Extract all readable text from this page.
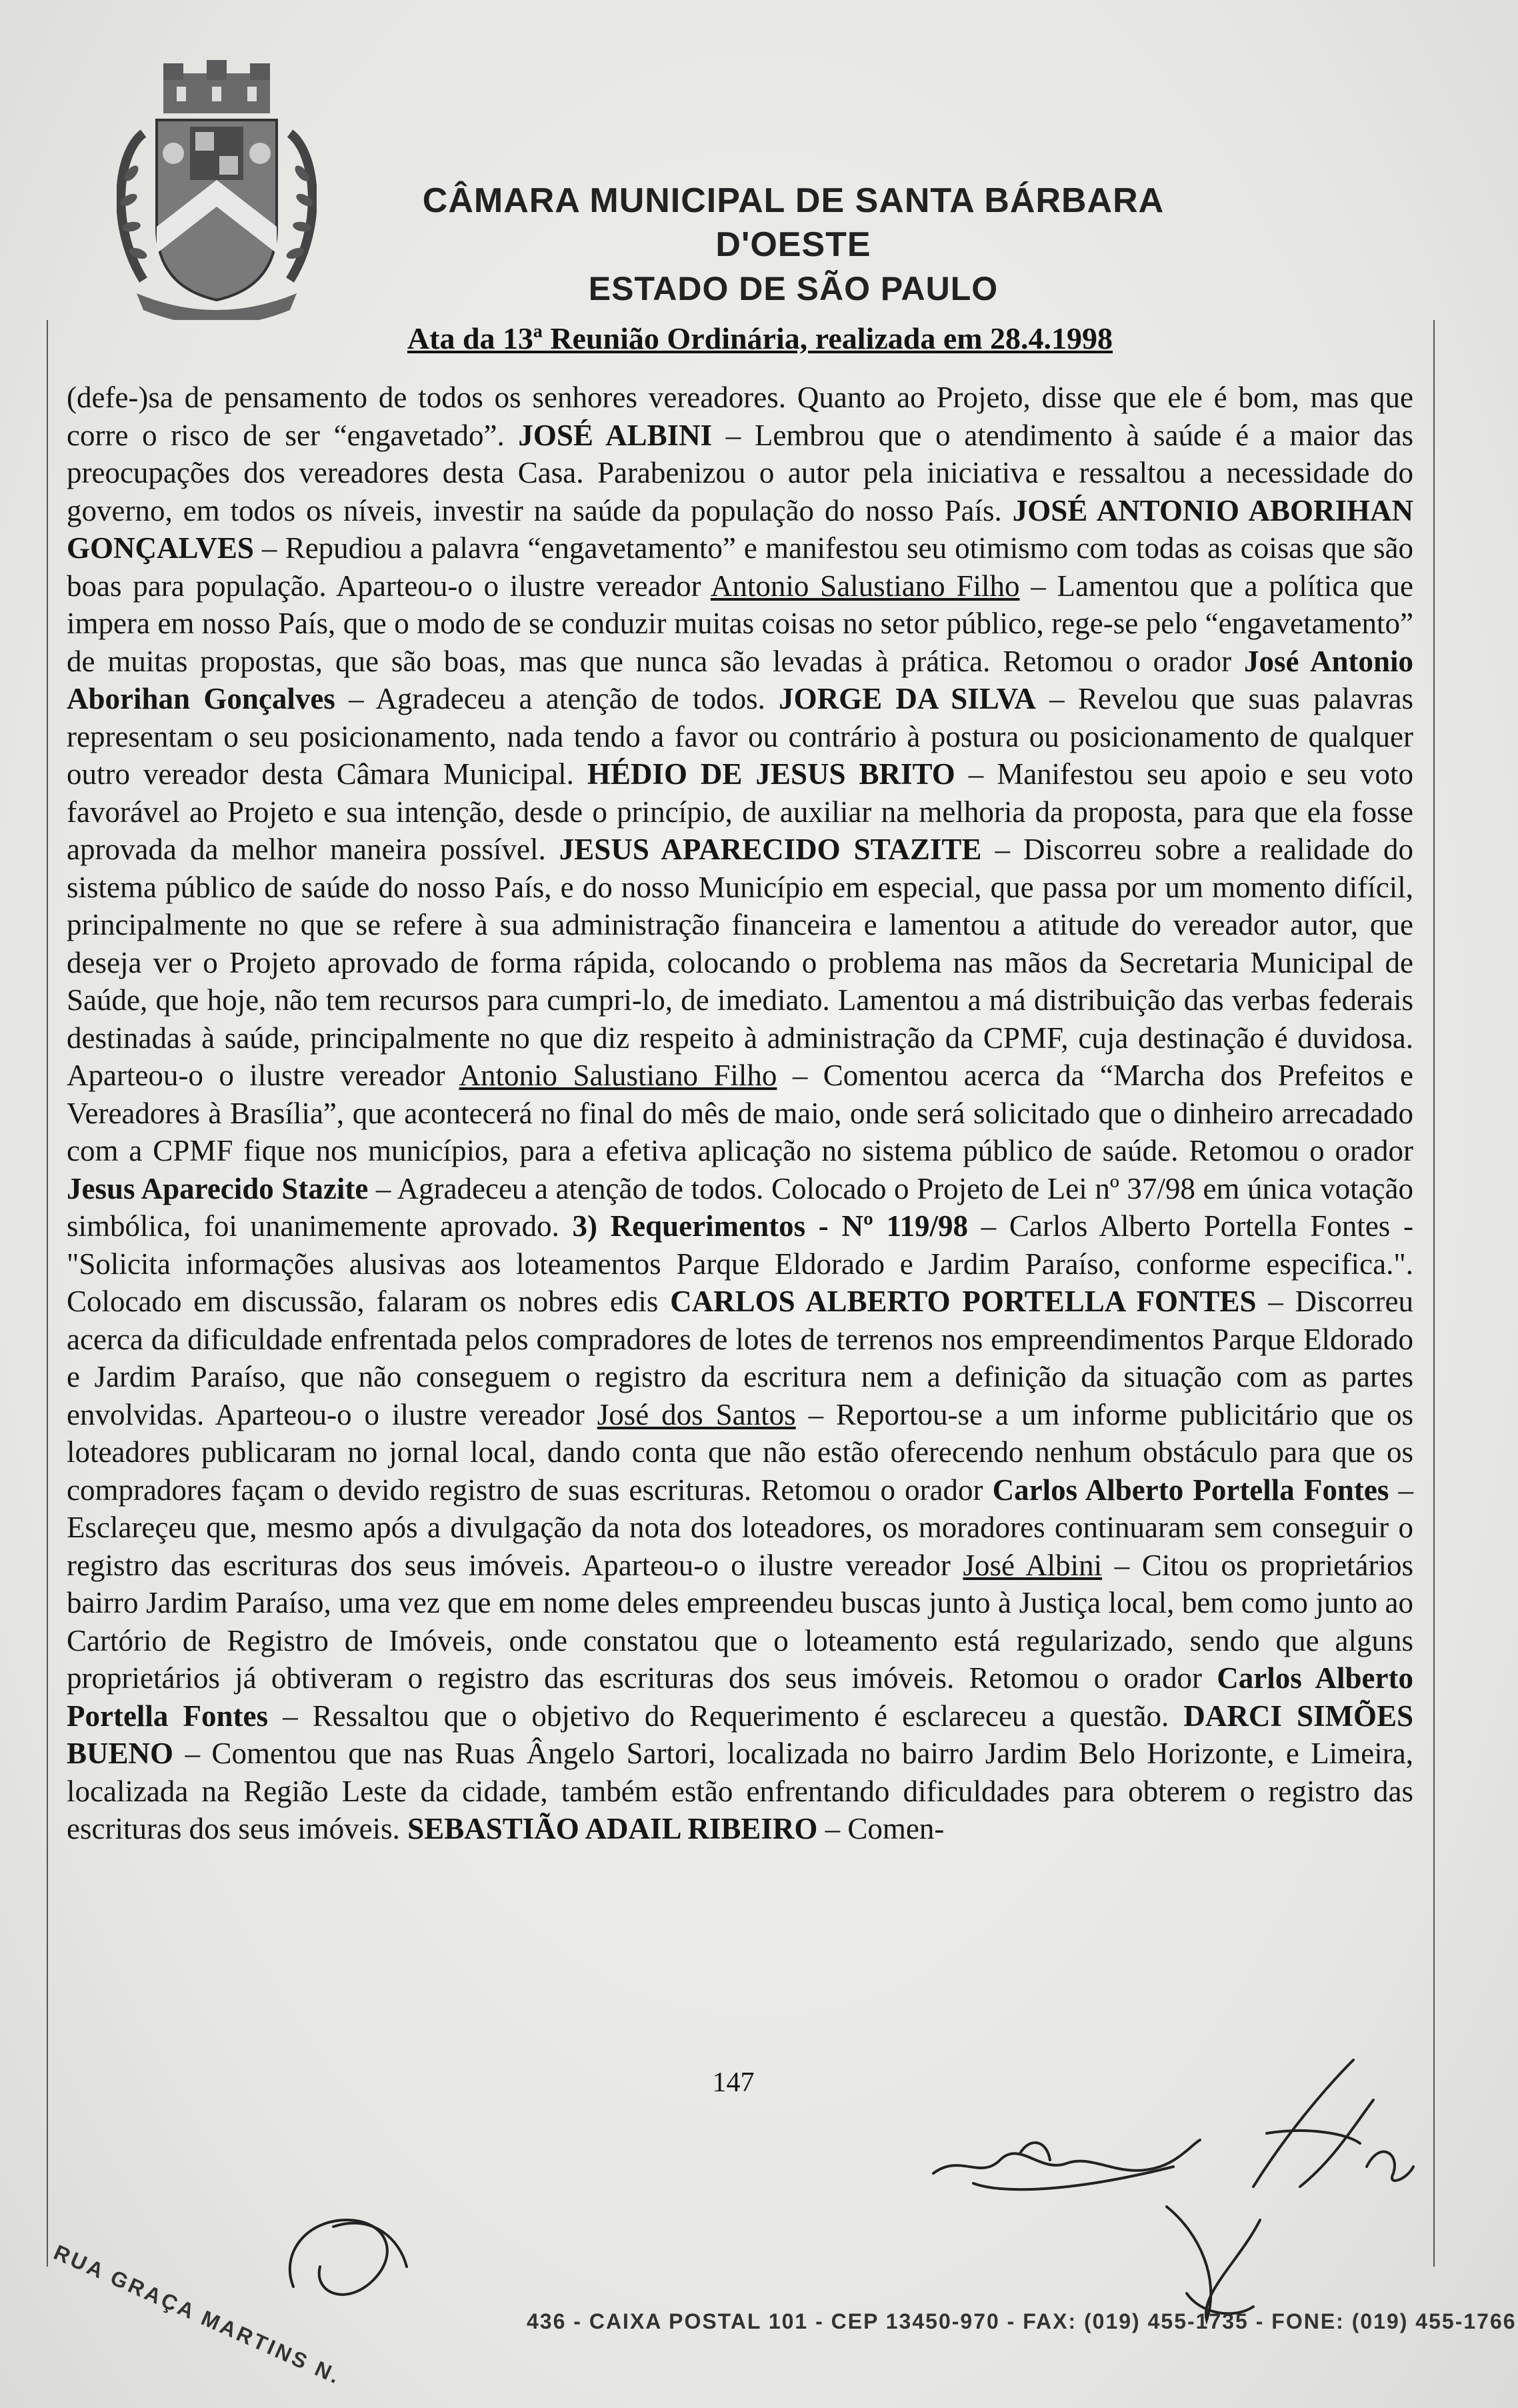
CÂMARA MUNICIPAL DE SANTA BÁRBARA D'OESTE
ESTADO DE SÃO PAULO
Ata da 13ª Reunião Ordinária, realizada em 28.4.1998

(defe-)sa de pensamento de todos os senhores vereadores. Quanto ao Projeto, disse que ele é bom, mas que corre o risco de ser “engavetado”. JOSÉ ALBINI – Lembrou que o atendimento à saúde é a maior das preocupações dos vereadores desta Casa. Parabenizou o autor pela iniciativa e ressaltou a necessidade do governo, em todos os níveis, investir na saúde da população do nosso País. JOSÉ ANTONIO ABORIHAN GONÇALVES – Repudiou a palavra “engavetamento” e manifestou seu otimismo com todas as coisas que são boas para população. Aparteou-o o ilustre vereador Antonio Salustiano Filho – Lamentou que a política que impera em nosso País, que o modo de se conduzir muitas coisas no setor público, rege-se pelo “engavetamento” de muitas propostas, que são boas, mas que nunca são levadas à prática. Retomou o orador José Antonio Aborihan Gonçalves – Agradeceu a atenção de todos. JORGE DA SILVA – Revelou que suas palavras representam o seu posicionamento, nada tendo a favor ou contrário à postura ou posicionamento de qualquer outro vereador desta Câmara Municipal. HÉDIO DE JESUS BRITO – Manifestou seu apoio e seu voto favorável ao Projeto e sua intenção, desde o princípio, de auxiliar na melhoria da proposta, para que ela fosse aprovada da melhor maneira possível. JESUS APARECIDO STAZITE – Discorreu sobre a realidade do sistema público de saúde do nosso País, e do nosso Município em especial, que passa por um momento difícil, principalmente no que se refere à sua administração financeira e lamentou a atitude do vereador autor, que deseja ver o Projeto aprovado de forma rápida, colocando o problema nas mãos da Secretaria Municipal de Saúde, que hoje, não tem recursos para cumpri-lo, de imediato. Lamentou a má distribuição das verbas federais destinadas à saúde, principalmente no que diz respeito à administração da CPMF, cuja destinação é duvidosa. Aparteou-o o ilustre vereador Antonio Salustiano Filho – Comentou acerca da “Marcha dos Prefeitos e Vereadores à Brasília”, que acontecerá no final do mês de maio, onde será solicitado que o dinheiro arrecadado com a CPMF fique nos municípios, para a efetiva aplicação no sistema público de saúde. Retomou o orador Jesus Aparecido Stazite – Agradeceu a atenção de todos. Colocado o Projeto de Lei nº 37/98 em única votação simbólica, foi unanimemente aprovado. 3) Requerimentos - Nº 119/98 – Carlos Alberto Portella Fontes - "Solicita informações alusivas aos loteamentos Parque Eldorado e Jardim Paraíso, conforme especifica.". Colocado em discussão, falaram os nobres edis CARLOS ALBERTO PORTELLA FONTES – Discorreu acerca da dificuldade enfrentada pelos compradores de lotes de terrenos nos empreendimentos Parque Eldorado e Jardim Paraíso, que não conseguem o registro da escritura nem a definição da situação com as partes envolvidas. Aparteou-o o ilustre vereador José dos Santos – Reportou-se a um informe publicitário que os loteadores publicaram no jornal local, dando conta que não estão oferecendo nenhum obstáculo para que os compradores façam o devido registro de suas escrituras. Retomou o orador Carlos Alberto Portella Fontes – Esclareçeu que, mesmo após a divulgação da nota dos loteadores, os moradores continuaram sem conseguir o registro das escrituras dos seus imóveis. Aparteou-o o ilustre vereador José Albini – Citou os proprietários bairro Jardim Paraíso, uma vez que em nome deles empreendeu buscas junto à Justiça local, bem como junto ao Cartório de Registro de Imóveis, onde constatou que o loteamento está regularizado, sendo que alguns proprietários já obtiveram o registro das escrituras dos seus imóveis. Retomou o orador Carlos Alberto Portella Fontes – Ressaltou que o objetivo do Requerimento é esclareceu a questão. DARCI SIMÕES BUENO – Comentou que nas Ruas Ângelo Sartori, localizada no bairro Jardim Belo Horizonte, e Limeira, localizada na Região Leste da cidade, também estão enfrentando dificuldades para obterem o registro das escrituras dos seus imóveis. SEBASTIÃO ADAIL RIBEIRO – Comen-

147
RUA GRAÇA MARTINS N.	436 - CAIXA POSTAL 101 - CEP 13450-970 - FAX: (019) 455-1735 - FONE: (019) 455-1766
